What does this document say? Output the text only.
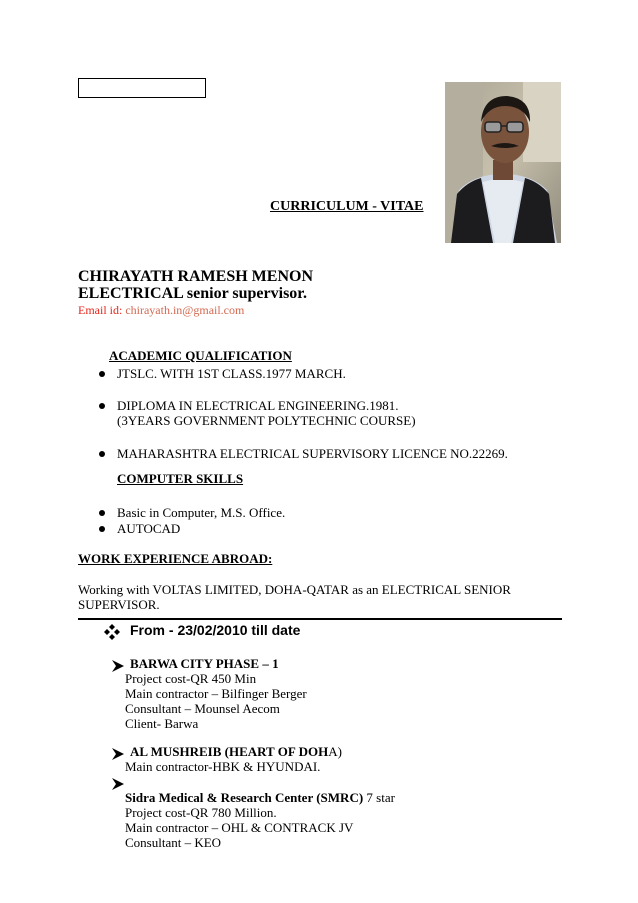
CURRICULUM - VITAE
CHIRAYATH RAMESH MENON
ELECTRICAL senior supervisor.
Email id: chirayath.in@gmail.com
ACADEMIC QUALIFICATION
JTSLC. WITH 1ST CLASS.1977 MARCH.
DIPLOMA IN ELECTRICAL ENGINEERING.1981.
(3YEARS GOVERNMENT POLYTECHNIC COURSE)
MAHARASHTRA ELECTRICAL SUPERVISORY LICENCE NO.22269.
COMPUTER SKILLS
Basic in Computer, M.S. Office.
AUTOCAD
WORK EXPERIENCE ABROAD:
Working with VOLTAS LIMITED, DOHA-QATAR as an ELECTRICAL SENIOR
SUPERVISOR.
From - 23/02/2010 till date
BARWA CITY PHASE – 1
Project cost-QR 450 Min
Main contractor – Bilfinger Berger
Consultant – Mounsel Aecom
Client- Barwa
AL MUSHREIB (HEART OF DOHA)
Main contractor-HBK & HYUNDAI.
Sidra Medical & Research Center (SMRC) 7 star
Project cost-QR 780 Million.
Main contractor – OHL & CONTRACK JV
Consultant – KEO
